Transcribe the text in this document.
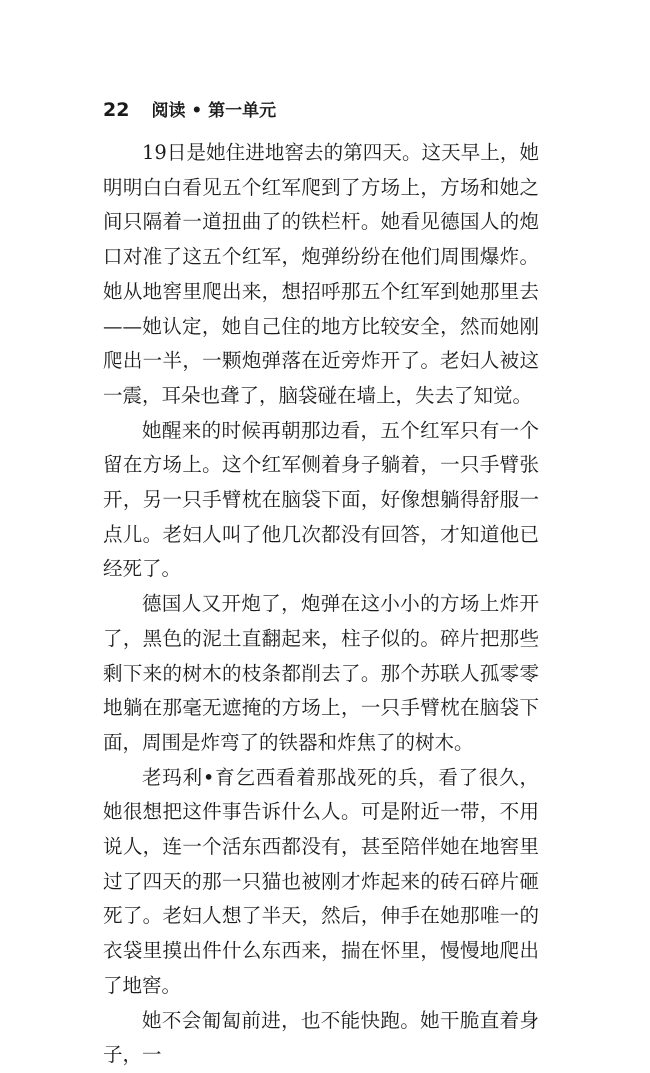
22 阅读 • 第一单元

19日是她住进地窖去的第四天。这天早上，她明明白白看见五个红军爬到了方场上，方场和她之间只隔着一道扭曲了的铁栏杆。她看见德国人的炮口对准了这五个红军，炮弹纷纷在他们周围爆炸。她从地窖里爬出来，想招呼那五个红军到她那里去——她认定，她自己住的地方比较安全，然而她刚爬出一半，一颗炮弹落在近旁炸开了。老妇人被这一震，耳朵也聋了，脑袋碰在墙上，失去了知觉。

她醒来的时候再朝那边看，五个红军只有一个留在方场上。这个红军侧着身子躺着，一只手臂张开，另一只手臂枕在脑袋下面，好像想躺得舒服一点儿。老妇人叫了他几次都没有回答，才知道他已经死了。

德国人又开炮了，炮弹在这小小的方场上炸开了，黑色的泥土直翻起来，柱子似的。碎片把那些剩下来的树木的枝条都削去了。那个苏联人孤零零地躺在那毫无遮掩的方场上，一只手臂枕在脑袋下面，周围是炸弯了的铁器和炸焦了的树木。

老玛利•育乞西看着那战死的兵，看了很久，她很想把这件事告诉什么人。可是附近一带，不用说人，连一个活东西都没有，甚至陪伴她在地窖里过了四天的那一只猫也被刚才炸起来的砖石碎片砸死了。老妇人想了半天，然后，伸手在她那唯一的衣袋里摸出件什么东西来，揣在怀里，慢慢地爬出了地窖。

她不会匍匐前进，也不能快跑。她干脆直着身子，一
